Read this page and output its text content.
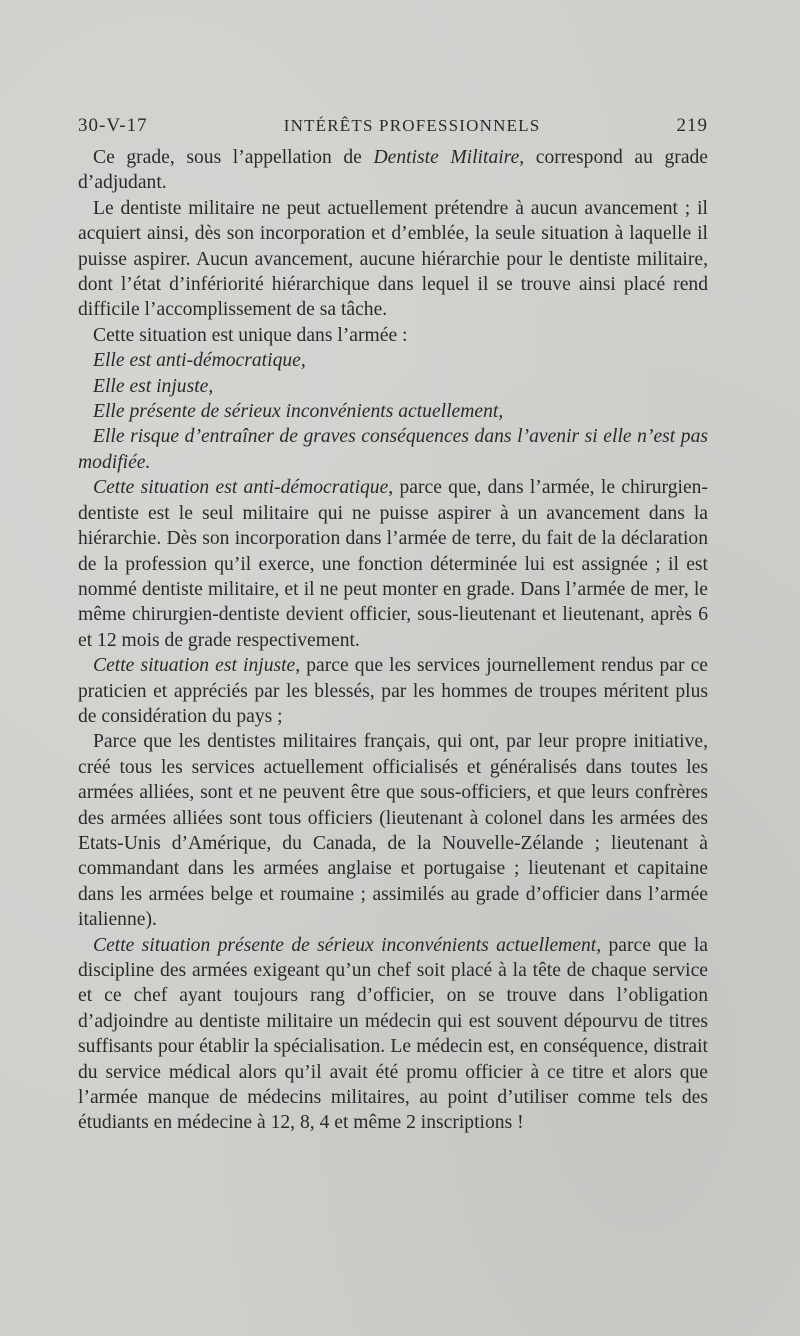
30-V-17	INTÉRÊTS PROFESSIONNELS	219

Ce grade, sous l’appellation de Dentiste Militaire, correspond au grade d’adjudant.

Le dentiste militaire ne peut actuellement prétendre à aucun avancement ; il acquiert ainsi, dès son incorporation et d’emblée, la seule situation à laquelle il puisse aspirer. Aucun avancement, aucune hiérarchie pour le dentiste militaire, dont l’état d’infériorité hiérarchique dans lequel il se trouve ainsi placé rend difficile l’accomplissement de sa tâche.

Cette situation est unique dans l’armée :

Elle est anti-démocratique,

Elle est injuste,

Elle présente de sérieux inconvénients actuellement,

Elle risque d’entraîner de graves conséquences dans l’avenir si elle n’est pas modifiée.

Cette situation est anti-démocratique, parce que, dans l’armée, le chirurgien-dentiste est le seul militaire qui ne puisse aspirer à un avancement dans la hiérarchie. Dès son incorporation dans l’armée de terre, du fait de la déclaration de la profession qu’il exerce, une fonction déterminée lui est assignée ; il est nommé dentiste militaire, et il ne peut monter en grade. Dans l’armée de mer, le même chirurgien-dentiste devient officier, sous-lieutenant et lieutenant, après 6 et 12 mois de grade respectivement.

Cette situation est injuste, parce que les services journellement rendus par ce praticien et appréciés par les blessés, par les hommes de troupes méritent plus de considération du pays ;

Parce que les dentistes militaires français, qui ont, par leur propre initiative, créé tous les services actuellement officialisés et généralisés dans toutes les armées alliées, sont et ne peuvent être que sous-officiers, et que leurs confrères des armées alliées sont tous officiers (lieutenant à colonel dans les armées des Etats-Unis d’Amérique, du Canada, de la Nouvelle-Zélande ; lieutenant à commandant dans les armées anglaise et portugaise ; lieutenant et capitaine dans les armées belge et roumaine ; assimilés au grade d’officier dans l’armée italienne).

Cette situation présente de sérieux inconvénients actuellement, parce que la discipline des armées exigeant qu’un chef soit placé à la tête de chaque service et ce chef ayant toujours rang d’officier, on se trouve dans l’obligation d’adjoindre au dentiste militaire un médecin qui est souvent dépourvu de titres suffisants pour établir la spécialisation. Le médecin est, en conséquence, distrait du service médical alors qu’il avait été promu officier à ce titre et alors que l’armée manque de médecins militaires, au point d’utiliser comme tels des étudiants en médecine à 12, 8, 4 et même 2 inscriptions !
